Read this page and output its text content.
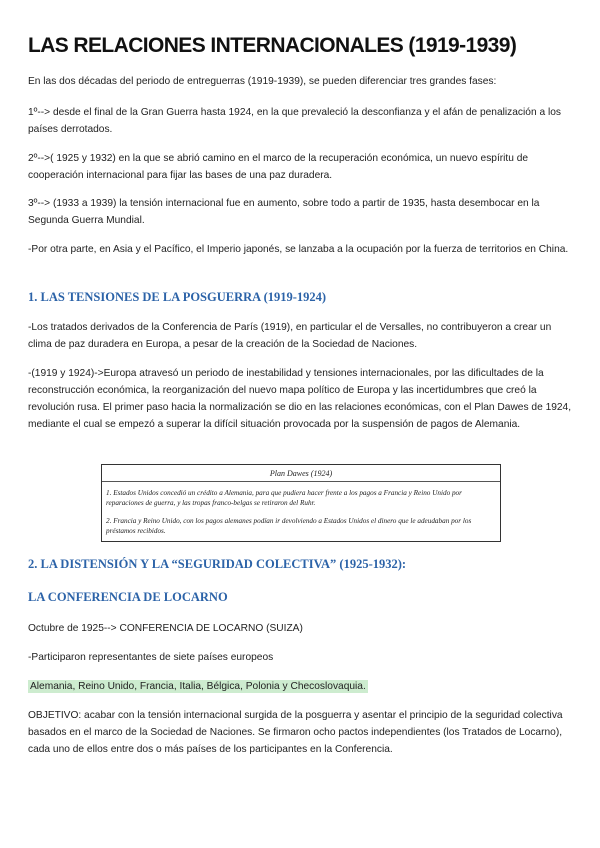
LAS RELACIONES INTERNACIONALES (1919-1939)
En las dos décadas del periodo de entreguerras (1919-1939), se pueden diferenciar tres grandes fases:
1º--> desde el final de la Gran Guerra hasta 1924, en la que prevaleció la desconfianza y el afán de penalización a los países derrotados.
2º-->( 1925 y 1932) en la que se abrió camino en el marco de la recuperación económica, un nuevo espíritu de cooperación internacional para fijar las bases de una paz duradera.
3º--> (1933 a 1939) la tensión internacional fue en aumento, sobre todo a partir de 1935, hasta desembocar en la Segunda Guerra Mundial.
-Por otra parte, en Asia y el Pacífico, el Imperio japonés, se lanzaba a la ocupación por la fuerza de territorios en China.
1. LAS TENSIONES DE LA POSGUERRA (1919-1924)
-Los tratados derivados de la Conferencia de París (1919), en particular el de Versalles, no contribuyeron a crear un clima de paz duradera en Europa, a pesar de la creación de la Sociedad de Naciones.
-(1919 y 1924)->Europa atravesó un periodo de inestabilidad y tensiones internacionales, por las dificultades de la reconstrucción económica, la reorganización del nuevo mapa político de Europa y las incertidumbres que creó la revolución rusa. El primer paso hacia la normalización se dio en las relaciones económicas, con el Plan Dawes de 1924, mediante el cual se empezó a superar la difícil situación provocada por la suspensión de pagos de Alemania.
Plan Dawes (1924)
1. Estados Unidos concedió un crédito a Alemania, para que pudiera hacer frente a los pagos a Francia y Reino Unido por reparaciones de guerra, y las tropas franco-belgas se retiraron del Ruhr.
2. Francia y Reino Unido, con los pagos alemanes podían ir devolviendo a Estados Unidos el dinero que le adeudaban por los préstamos recibidos.
2. LA DISTENSIÓN Y LA “SEGURIDAD COLECTIVA” (1925-1932):
LA CONFERENCIA DE LOCARNO
Octubre de 1925--> CONFERENCIA DE LOCARNO (SUIZA)
-Participaron representantes de siete países europeos
Alemania, Reino Unido, Francia, Italia, Bélgica, Polonia y Checoslovaquia.
OBJETIVO: acabar con la tensión internacional surgida de la posguerra y asentar el principio de la seguridad colectiva basados en el marco de la Sociedad de Naciones. Se firmaron ocho pactos independientes (los Tratados de Locarno), cada uno de ellos entre dos o más países de los participantes en la Conferencia.
